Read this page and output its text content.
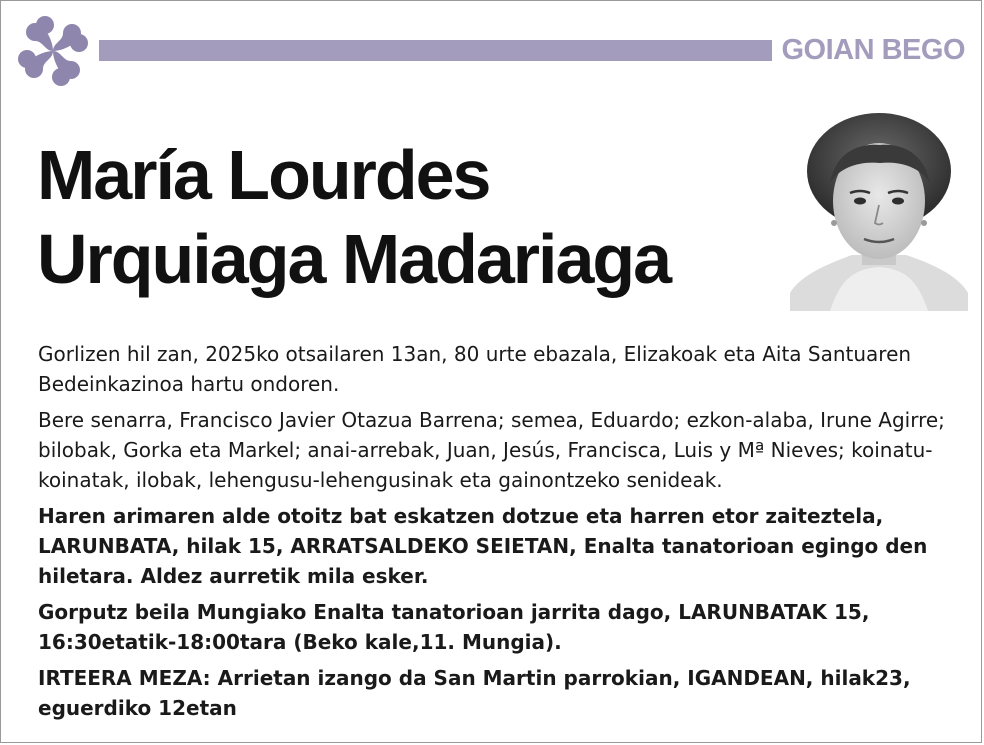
GOIAN BEGO
María Lourdes
Urquiaga Madariaga

Gorlizen hil zan, 2025ko otsailaren 13an, 80 urte ebazala, Elizakoak eta Aita Santuaren Bedeinkazinoa hartu ondoren.

Bere senarra, Francisco Javier Otazua Barrena; semea, Eduardo; ezkon-alaba, Irune Agirre; bilobak, Gorka eta Markel; anai-arrebak, Juan, Jesús, Francisca, Luis y Mª Nieves; koinatu-koinatak, ilobak, lehengusu-lehengusinak eta gainontzeko senideak.

Haren arimaren alde otoitz bat eskatzen dotzue eta harren etor zaiteztela, LARUNBATA, hilak 15, ARRATSALDEKO SEIETAN, Enalta tanatorioan egingo den hiletara. Aldez aurretik mila esker.

Gorputz beila Mungiako Enalta tanatorioan jarrita dago, LARUNBATAK 15, 16:30etatik-18:00tara (Beko kale,11. Mungia).

IRTEERA MEZA: Arrietan izango da San Martin parrokian, IGANDEAN, hilak23, eguerdiko 12etan
